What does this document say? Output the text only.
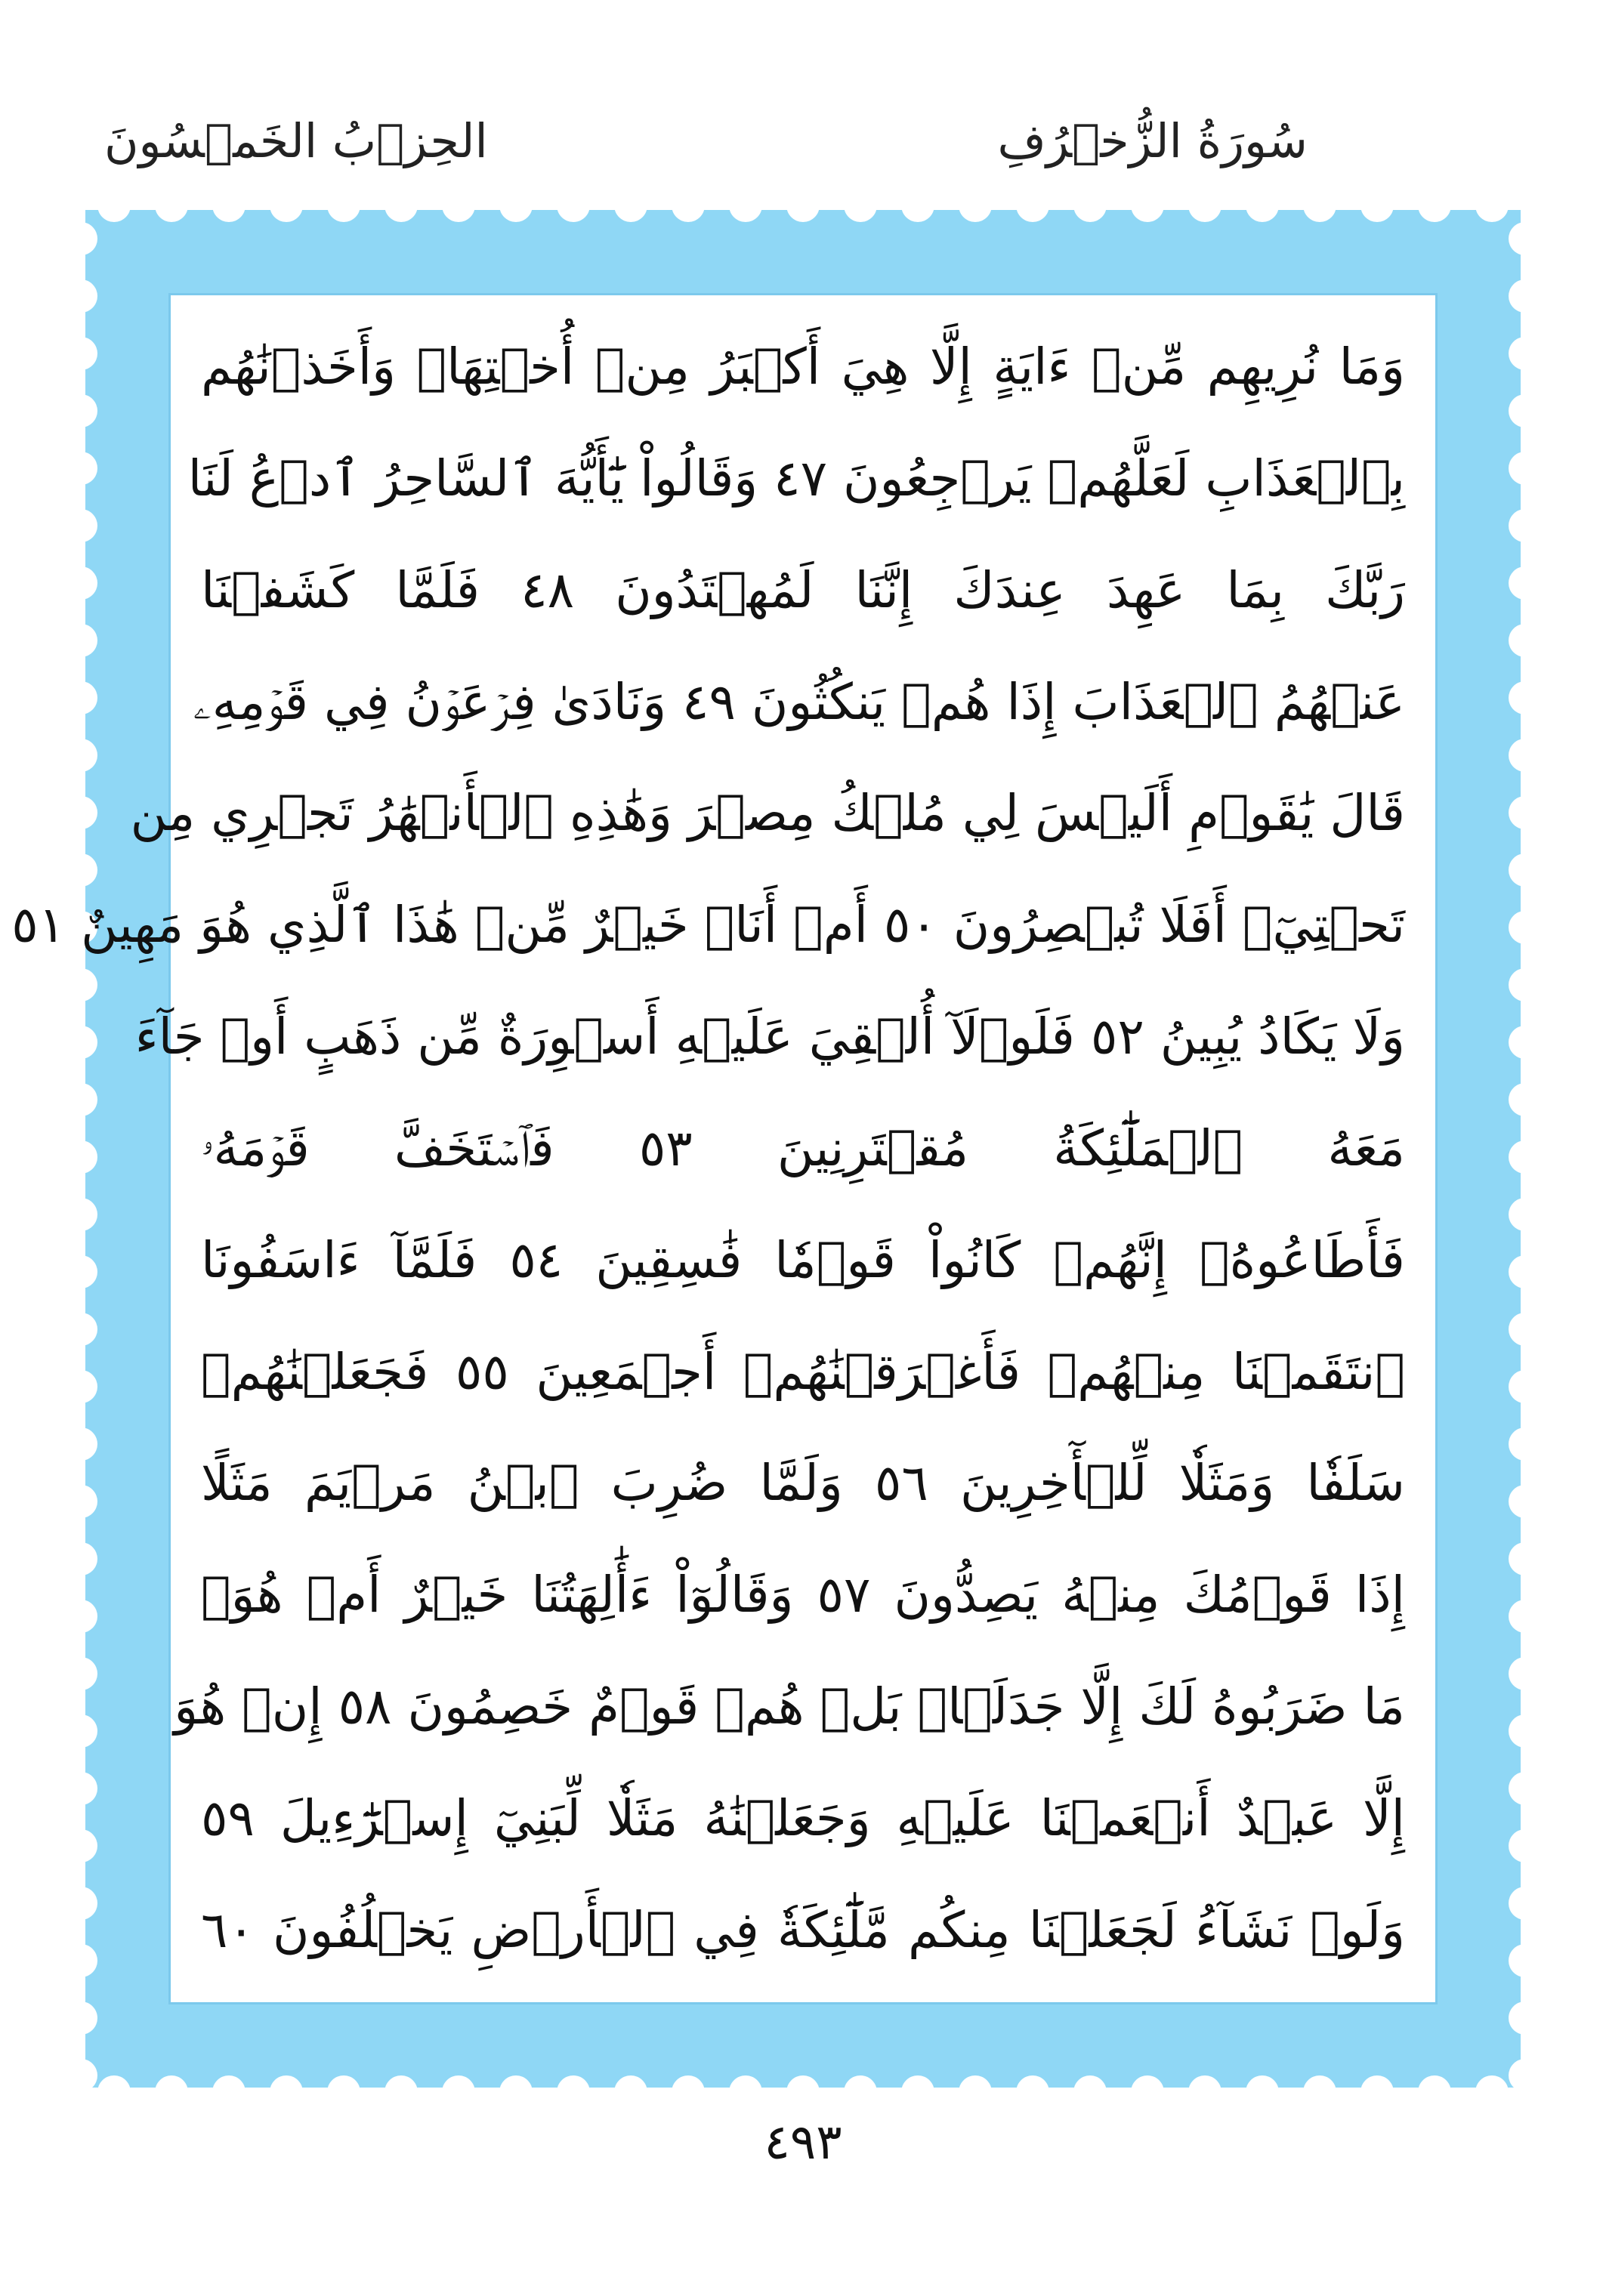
سُورَةُ الزُّخۡرُفِ
الحِزۡبُ الخَمۡسُونَ
وَمَا نُرِيهِم مِّنۡ ءَايَةٍ إِلَّا هِيَ أَكۡبَرُ مِنۡ أُخۡتِهَاۖ وَأَخَذۡنَٰهُم
بِٱلۡعَذَابِ لَعَلَّهُمۡ يَرۡجِعُونَ ٤٧ وَقَالُواْ يَٰٓأَيُّهَ ٱلسَّاحِرُ ٱدۡعُ لَنَا
رَبَّكَ بِمَا عَهِدَ عِندَكَ إِنَّنَا لَمُهۡتَدُونَ ٤٨ فَلَمَّا كَشَفۡنَا
عَنۡهُمُ ٱلۡعَذَابَ إِذَا هُمۡ يَنكُثُونَ ٤٩ وَنَادَىٰ فِرۡعَوۡنُ فِي قَوۡمِهِۦ
قَالَ يَٰقَوۡمِ أَلَيۡسَ لِي مُلۡكُ مِصۡرَ وَهَٰذِهِ ٱلۡأَنۡهَٰرُ تَجۡرِي مِن
تَحۡتِيٓۚ أَفَلَا تُبۡصِرُونَ ٥٠ أَمۡ أَنَا۠ خَيۡرٌ مِّنۡ هَٰذَا ٱلَّذِي هُوَ مَهِينٌ ٥١
وَلَا يَكَادُ يُبِينُ ٥٢ فَلَوۡلَآ أُلۡقِيَ عَلَيۡهِ أَسۡوِرَةٌ مِّن ذَهَبٍ أَوۡ جَآءَ
مَعَهُ ٱلۡمَلَٰٓئِكَةُ مُقۡتَرِنِينَ ٥٣ فَٱسۡتَخَفَّ قَوۡمَهُۥ
فَأَطَاعُوهُۚ إِنَّهُمۡ كَانُواْ قَوۡمٗا فَٰسِقِينَ ٥٤ فَلَمَّآ ءَاسَفُونَا
ٱنتَقَمۡنَا مِنۡهُمۡ فَأَغۡرَقۡنَٰهُمۡ أَجۡمَعِينَ ٥٥ فَجَعَلۡنَٰهُمۡ
سَلَفٗا وَمَثَلٗا لِّلۡأٓخِرِينَ ٥٦ وَلَمَّا ضُرِبَ ٱبۡنُ مَرۡيَمَ مَثَلًا
إِذَا قَوۡمُكَ مِنۡهُ يَصِدُّونَ ٥٧ وَقَالُوٓاْ ءَأَٰلِهَتُنَا خَيۡرٌ أَمۡ هُوَۚ
مَا ضَرَبُوهُ لَكَ إِلَّا جَدَلَۢاۚ بَلۡ هُمۡ قَوۡمٌ خَصِمُونَ ٥٨ إِنۡ هُوَ
إِلَّا عَبۡدٌ أَنۡعَمۡنَا عَلَيۡهِ وَجَعَلۡنَٰهُ مَثَلٗا لِّبَنِيٓ إِسۡرَٰٓءِيلَ ٥٩
وَلَوۡ نَشَآءُ لَجَعَلۡنَا مِنكُم مَّلَٰٓئِكَةٗ فِي ٱلۡأَرۡضِ يَخۡلُفُونَ ٦٠
٤٩٣
